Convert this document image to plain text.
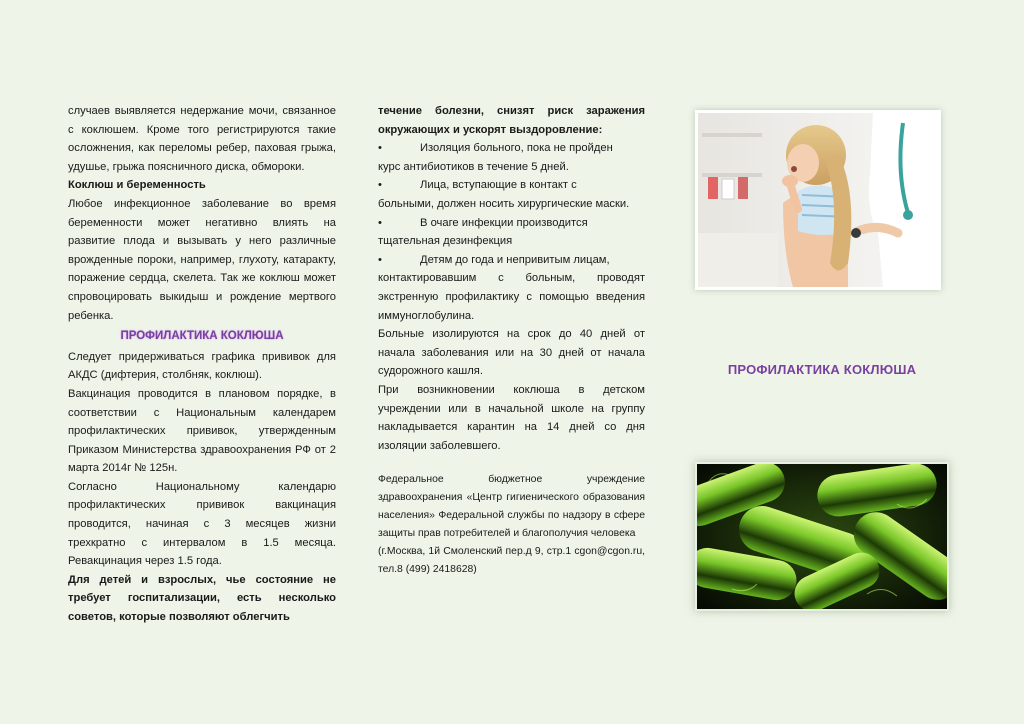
случаев выявляется недержание мочи, связанное с коклюшем. Кроме того регистрируются такие осложнения, как переломы ребер, паховая грыжа, удушье, грыжа поясничного диска, обмороки.

Коклюш и беременность

Любое инфекционное заболевание во время беременности может негативно влиять на развитие плода и вызывать у него различные врожденные пороки, например, глухоту, катаракту, поражение сердца, скелета. Так же коклюш может спровоцировать выкидыш и рождение мертвого ребенка.

ПРОФИЛАКТИКА КОКЛЮША

Следует придерживаться графика прививок для АКДС (дифтерия, столбняк, коклюш).

Вакцинация проводится в плановом порядке, в соответствии с Национальным календарем профилактических прививок, утвержденным Приказом Министерства здравоохранения РФ от 2 марта 2014г № 125н.

Согласно Национальному календарю профилактических прививок вакцинация проводится, начиная с 3 месяцев жизни трехкратно с интервалом в 1.5 месяца. Ревакцинация через 1.5 года.

Для детей и взрослых, чье состояние не требует госпитализации, есть несколько советов, которые позволяют облегчить

течение болезни, снизят риск заражения окружающих и ускорят выздоровление:

•	Изоляция больного, пока не пройден
курс антибиотиков в течение 5 дней.
•	Лица, вступающие в контакт с
больными, должен носить хирургические маски.
•	В очаге инфекции производится
тщательная дезинфекция
•	Детям до года и непривитым лицам,
контактировавшим с больным, проводят экстренную профилактику с помощью введения иммуноглобулина.

Больные изолируются на срок до 40 дней от начала заболевания или на 30 дней от начала судорожного кашля.

При возникновении коклюша в детском учреждении или в начальной школе на группу накладывается карантин на 14 дней со дня изоляции заболевшего.

Федеральное бюджетное учреждение здравоохранения «Центр гигиенического образования населения» Федеральной службы по надзору в сфере защиты прав потребителей и благополучия человека

(г.Москва, 1й Смоленский пер.д 9, стр.1 cgon@cgon.ru, тел.8 (499) 2418628)

ПРОФИЛАКТИКА КОКЛЮША
